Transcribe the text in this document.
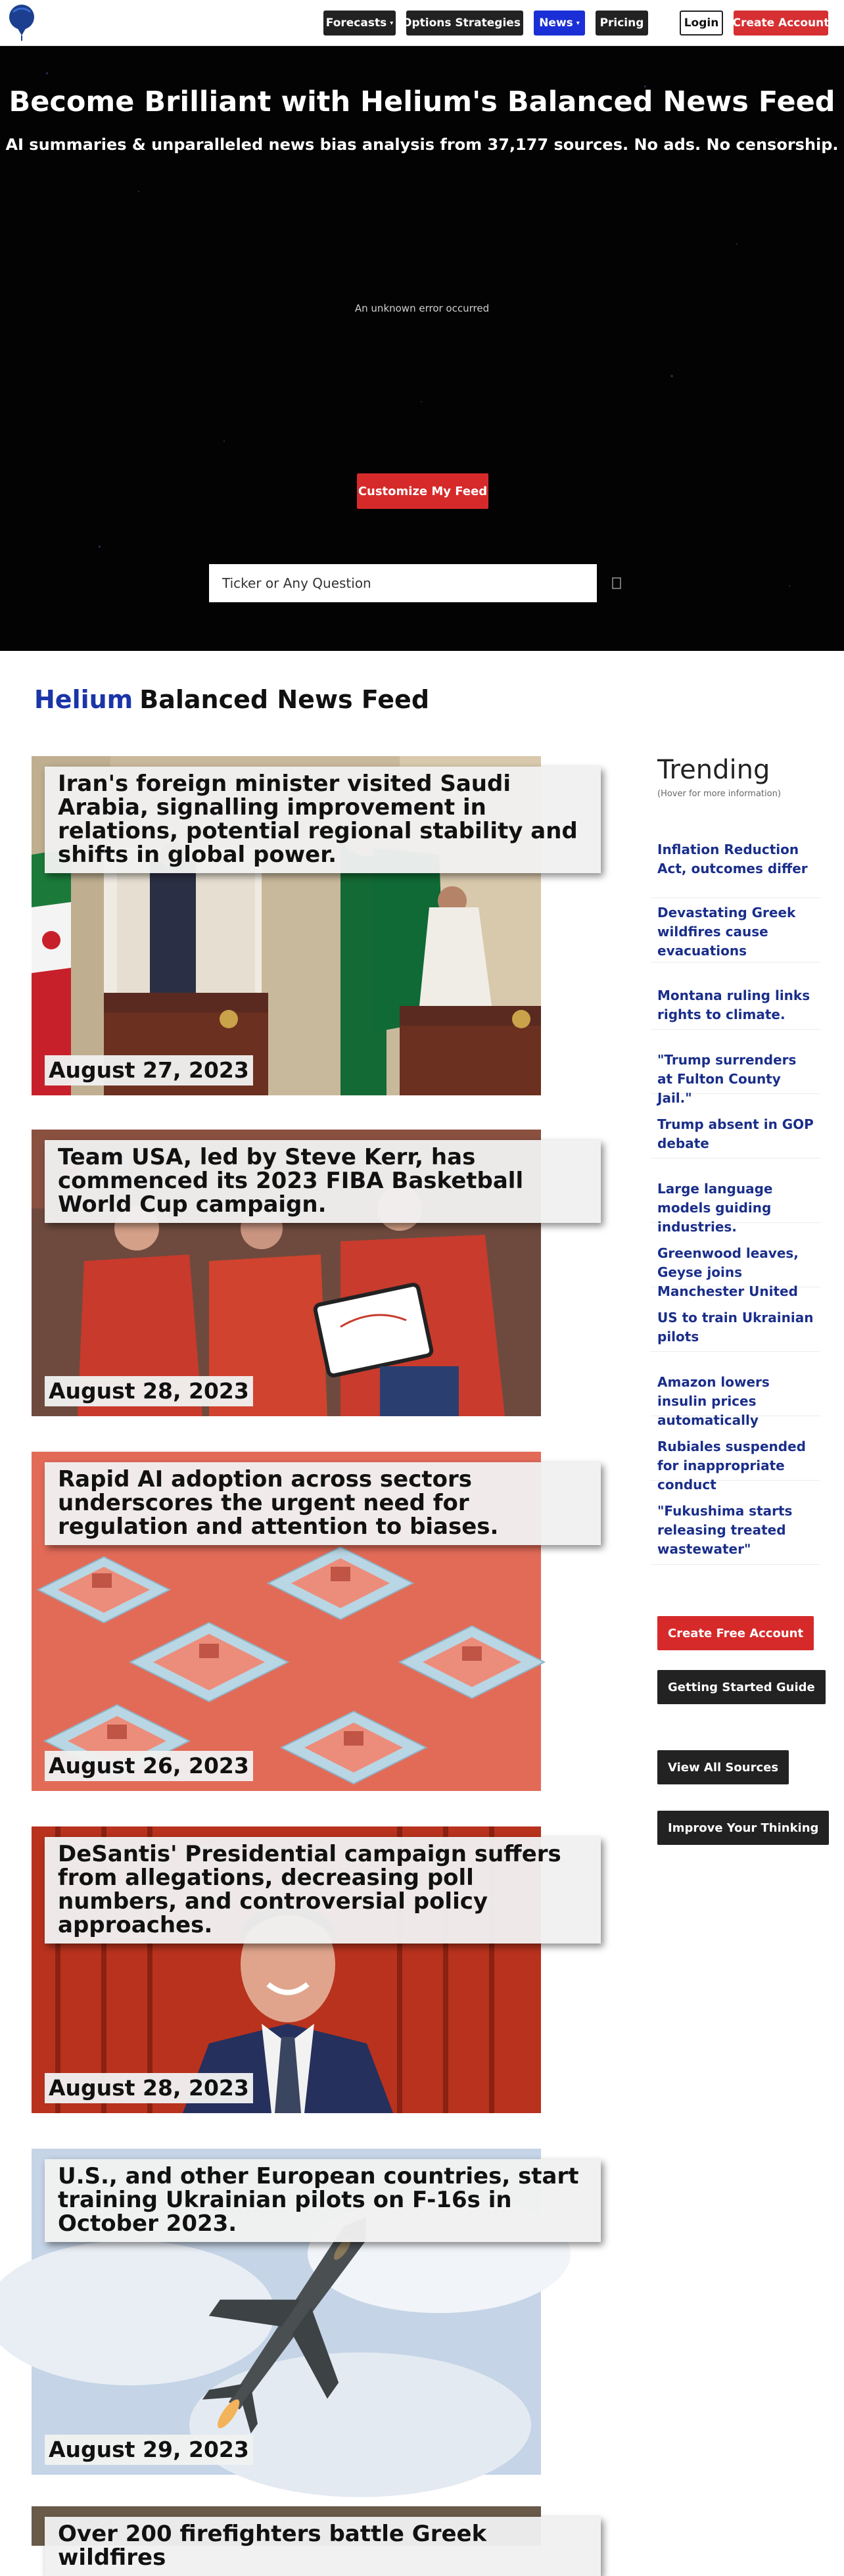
Forecasts ▾ Options Strategies ▾ News ▾	Pricing	Login	Create Account
Become Brilliant with Helium's Balanced News Feed
AI summaries & unparalleled news bias analysis from 37,177 sources. No ads. No censorship.
An unknown error occurred
Customize My Feed
Ticker or Any Question
Helium Balanced News Feed
Iran's foreign minister visited Saudi Arabia, signalling improvement in relations, potential regional stability and shifts in global power.
August 27, 2023
Team USA, led by Steve Kerr, has commenced its 2023 FIBA Basketball World Cup campaign.
August 28, 2023
Rapid AI adoption across sectors underscores the urgent need for regulation and attention to biases.
August 26, 2023
DeSantis' Presidential campaign suffers from allegations, decreasing poll numbers, and controversial policy approaches.
August 28, 2023
U.S., and other European countries, start training Ukrainian pilots on F-16s in October 2023.
August 29, 2023
Over 200 firefighters battle Greek wildfires
Trending
(Hover for more information)
Inflation Reduction Act, outcomes differ
Devastating Greek wildfires cause evacuations
Montana ruling links rights to climate.
"Trump surrenders at Fulton County Jail."
Trump absent in GOP debate
Large language models guiding industries.
Greenwood leaves, Geyse joins Manchester United
US to train Ukrainian pilots
Amazon lowers insulin prices automatically
Rubiales suspended for inappropriate conduct
"Fukushima starts releasing treated wastewater"
Create Free Account
Getting Started Guide
View All Sources
Improve Your Thinking
